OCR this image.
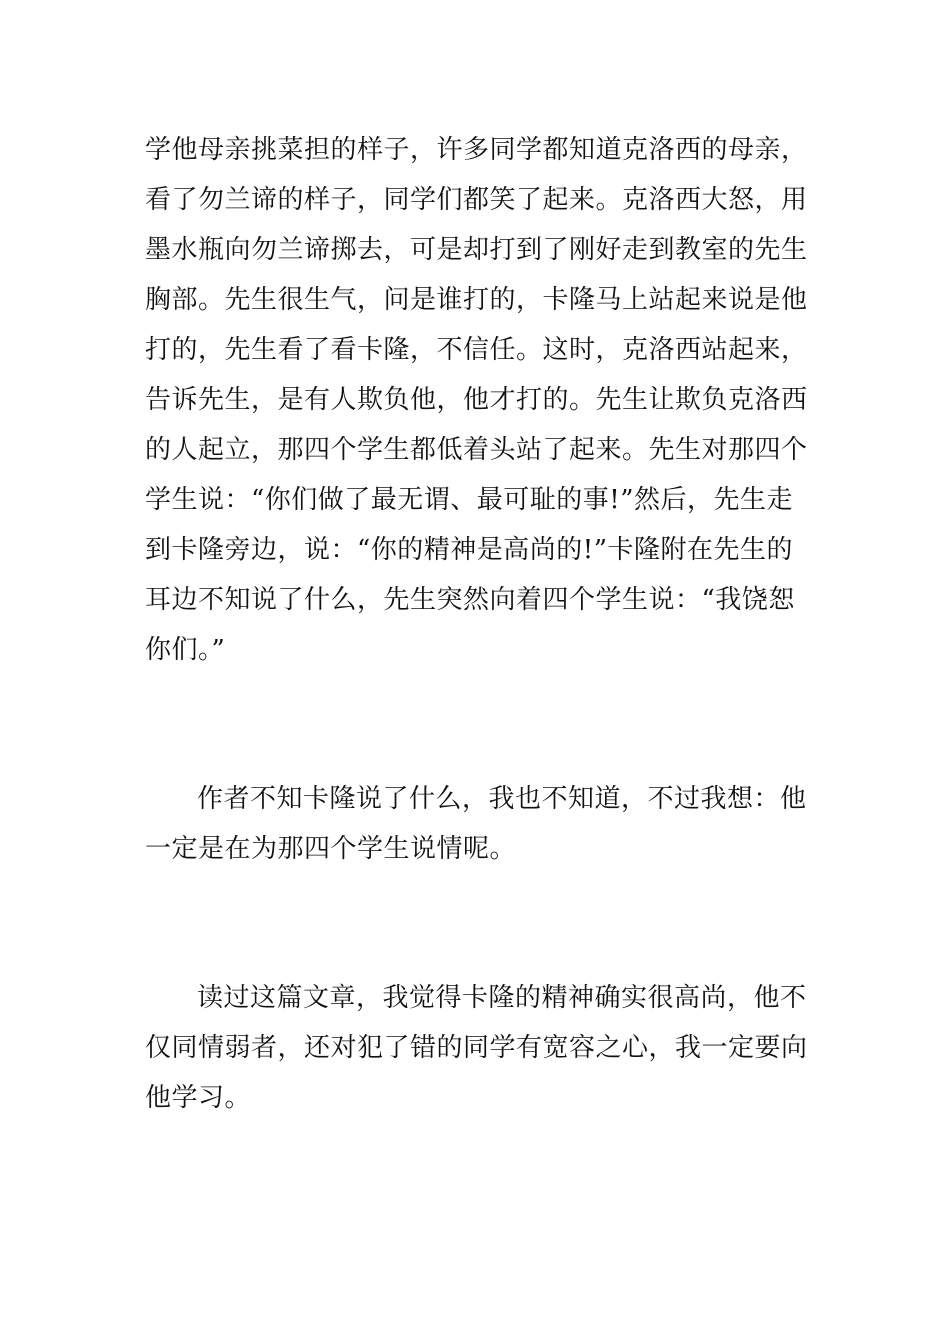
学他母亲挑菜担的样子，许多同学都知道克洛西的母亲，
看了勿兰谛的样子，同学们都笑了起来。克洛西大怒，用
墨水瓶向勿兰谛掷去，可是却打到了刚好走到教室的先生
胸部。先生很生气，问是谁打的，卡隆马上站起来说是他
打的，先生看了看卡隆，不信任。这时，克洛西站起来，
告诉先生，是有人欺负他，他才打的。先生让欺负克洛西
的人起立，那四个学生都低着头站了起来。先生对那四个
学生说：“你们做了最无谓、最可耻的事!”然后，先生走
到卡隆旁边，说：“你的精神是高尚的!”卡隆附在先生的
耳边不知说了什么，先生突然向着四个学生说：“我饶恕
你们。”
作者不知卡隆说了什么，我也不知道，不过我想：他
一定是在为那四个学生说情呢。
读过这篇文章，我觉得卡隆的精神确实很高尚，他不
仅同情弱者，还对犯了错的同学有宽容之心，我一定要向
他学习。
